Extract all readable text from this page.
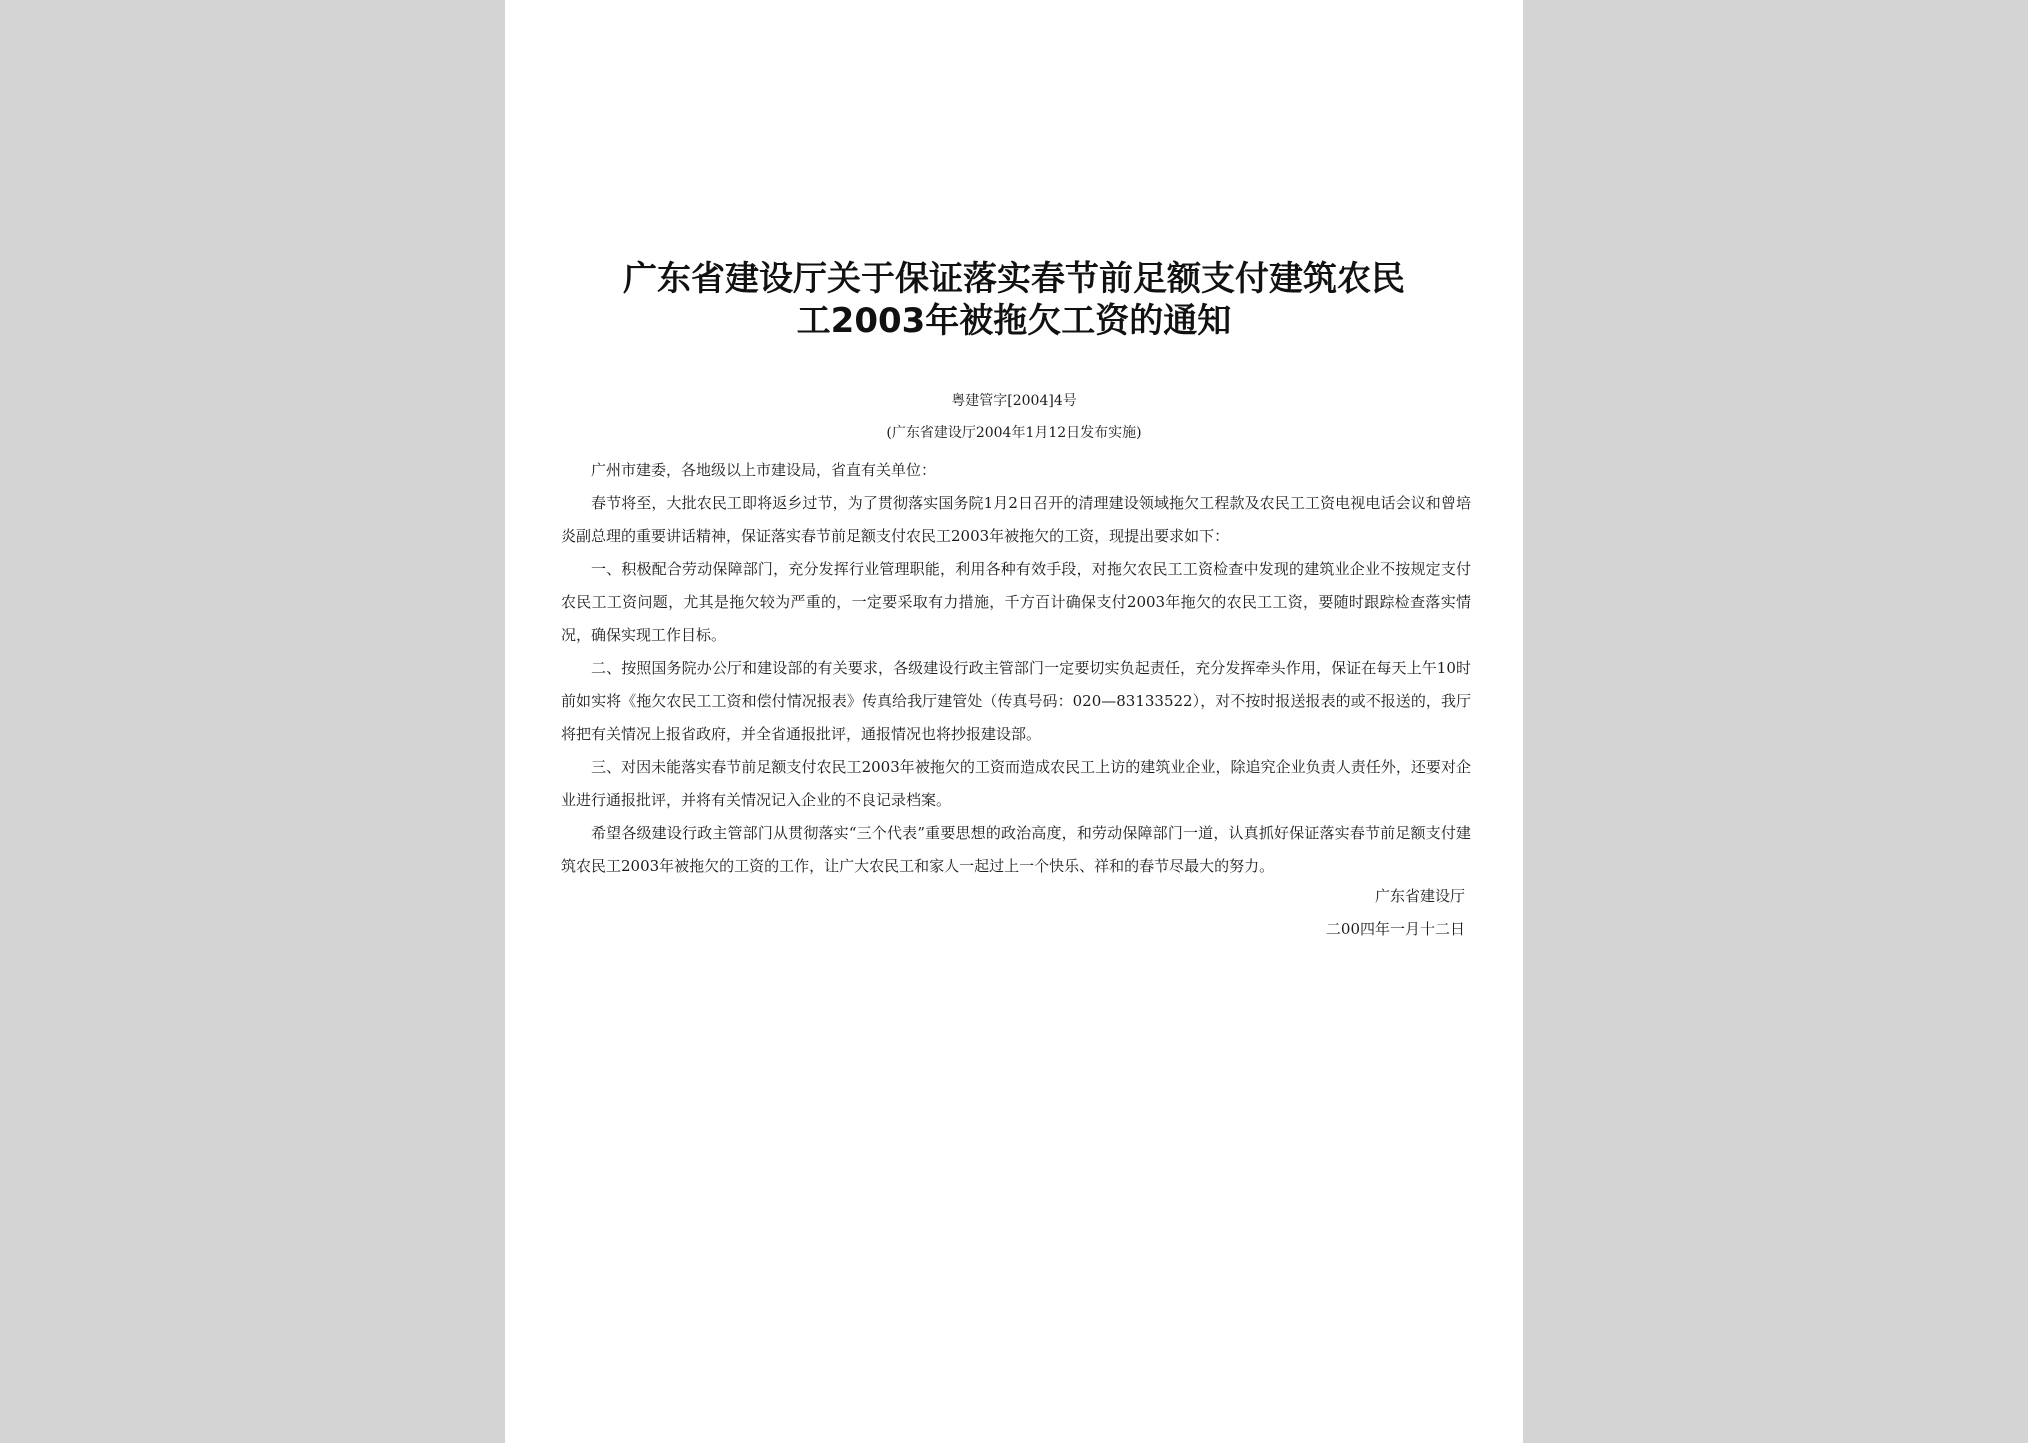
广东省建设厅关于保证落实春节前足额支付建筑农民
工2003年被拖欠工资的通知
粤建管字[2004]4号
(广东省建设厅2004年1月12日发布实施)

广州市建委，各地级以上市建设局，省直有关单位：

春节将至，大批农民工即将返乡过节，为了贯彻落实国务院1月2日召开的清理建设领域拖欠工程款及农民工工资电视电话会议和曾培炎副总理的重要讲话精神，保证落实春节前足额支付农民工2003年被拖欠的工资，现提出要求如下：

一、积极配合劳动保障部门，充分发挥行业管理职能，利用各种有效手段，对拖欠农民工工资检查中发现的建筑业企业不按规定支付农民工工资问题，尤其是拖欠较为严重的，一定要采取有力措施，千方百计确保支付2003年拖欠的农民工工资，要随时跟踪检查落实情况，确保实现工作目标。

二、按照国务院办公厅和建设部的有关要求，各级建设行政主管部门一定要切实负起责任，充分发挥牵头作用，保证在每天上午10时前如实将《拖欠农民工工资和偿付情况报表》传真给我厅建管处（传真号码：020—83133522），对不按时报送报表的或不报送的，我厅将把有关情况上报省政府，并全省通报批评，通报情况也将抄报建设部。

三、对因未能落实春节前足额支付农民工2003年被拖欠的工资而造成农民工上访的建筑业企业，除追究企业负责人责任外，还要对企业进行通报批评，并将有关情况记入企业的不良记录档案。

希望各级建设行政主管部门从贯彻落实“三个代表”重要思想的政治高度，和劳动保障部门一道，认真抓好保证落实春节前足额支付建筑农民工2003年被拖欠的工资的工作，让广大农民工和家人一起过上一个快乐、祥和的春节尽最大的努力。

广东省建设厅
二00四年一月十二日
